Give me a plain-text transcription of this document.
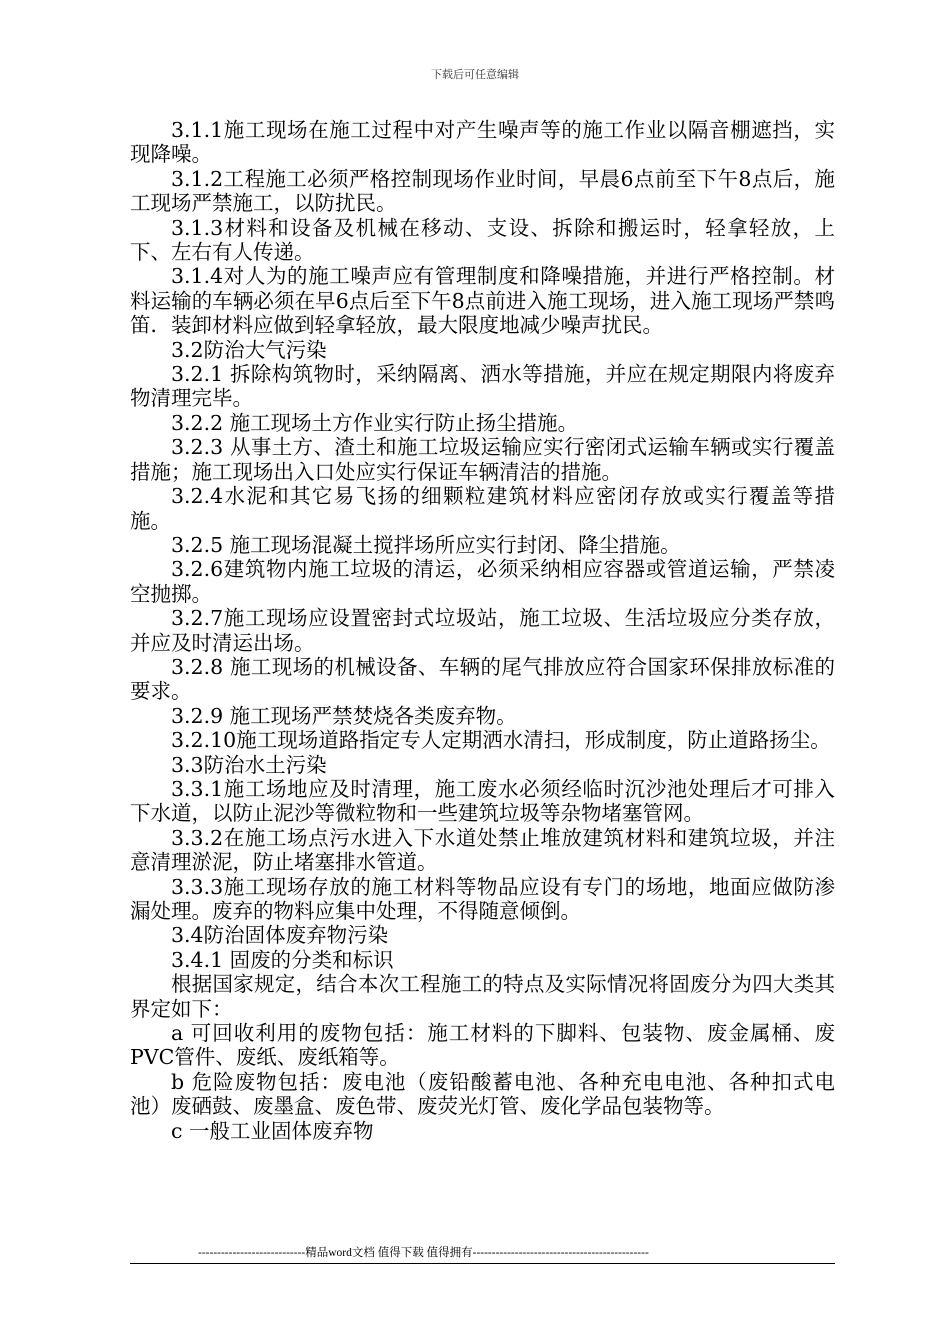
下载后可任意编辑

3.1.1施工现场在施工过程中对产生噪声等的施工作业以隔音棚遮挡，实现降噪。

3.1.2工程施工必须严格控制现场作业时间，早晨6点前至下午8点后，施工现场严禁施工，以防扰民。

3.1.3材料和设备及机械在移动、支设、拆除和搬运时，轻拿轻放，上下、左右有人传递。

3.1.4对人为的施工噪声应有管理制度和降噪措施，并进行严格控制。材料运输的车辆必须在早6点后至下午8点前进入施工现场，进入施工现场严禁鸣笛．装卸材料应做到轻拿轻放，最大限度地减少噪声扰民。

3.2防治大气污染

3.2.1 拆除构筑物时，采纳隔离、洒水等措施，并应在规定期限内将废弃物清理完毕。

3.2.2 施工现场土方作业实行防止扬尘措施。

3.2.3 从事土方、渣土和施工垃圾运输应实行密闭式运输车辆或实行覆盖措施；施工现场出入口处应实行保证车辆清洁的措施。

3.2.4水泥和其它易飞扬的细颗粒建筑材料应密闭存放或实行覆盖等措施。

3.2.5 施工现场混凝土搅拌场所应实行封闭、降尘措施。

3.2.6建筑物内施工垃圾的清运，必须采纳相应容器或管道运输，严禁凌空抛掷。

3.2.7施工现场应设置密封式垃圾站，施工垃圾、生活垃圾应分类存放，并应及时清运出场。

3.2.8 施工现场的机械设备、车辆的尾气排放应符合国家环保排放标准的要求。

3.2.9 施工现场严禁焚烧各类废弃物。

3.2.10施工现场道路指定专人定期洒水清扫，形成制度，防止道路扬尘。

3.3防治水土污染

3.3.1施工场地应及时清理，施工废水必须经临时沉沙池处理后才可排入下水道，以防止泥沙等微粒物和一些建筑垃圾等杂物堵塞管网。

3.3.2在施工场点污水进入下水道处禁止堆放建筑材料和建筑垃圾，并注意清理淤泥，防止堵塞排水管道。

3.3.3施工现场存放的施工材料等物品应设有专门的场地，地面应做防渗漏处理。废弃的物料应集中处理，不得随意倾倒。

3.4防治固体废弃物污染

3.4.1 固废的分类和标识

根据国家规定，结合本次工程施工的特点及实际情况将固废分为四大类其界定如下：

a 可回收利用的废物包括：施工材料的下脚料、包装物、废金属桶、废PVC管件、废纸、废纸箱等。

b 危险废物包括：废电池（废铅酸蓄电池、各种充电电池、各种扣式电池）废硒鼓、废墨盒、废色带、废荧光灯管、废化学品包装物等。

c 一般工业固体废弃物

----------------------------精品word文档 值得下载 值得拥有----------------------------------------------
